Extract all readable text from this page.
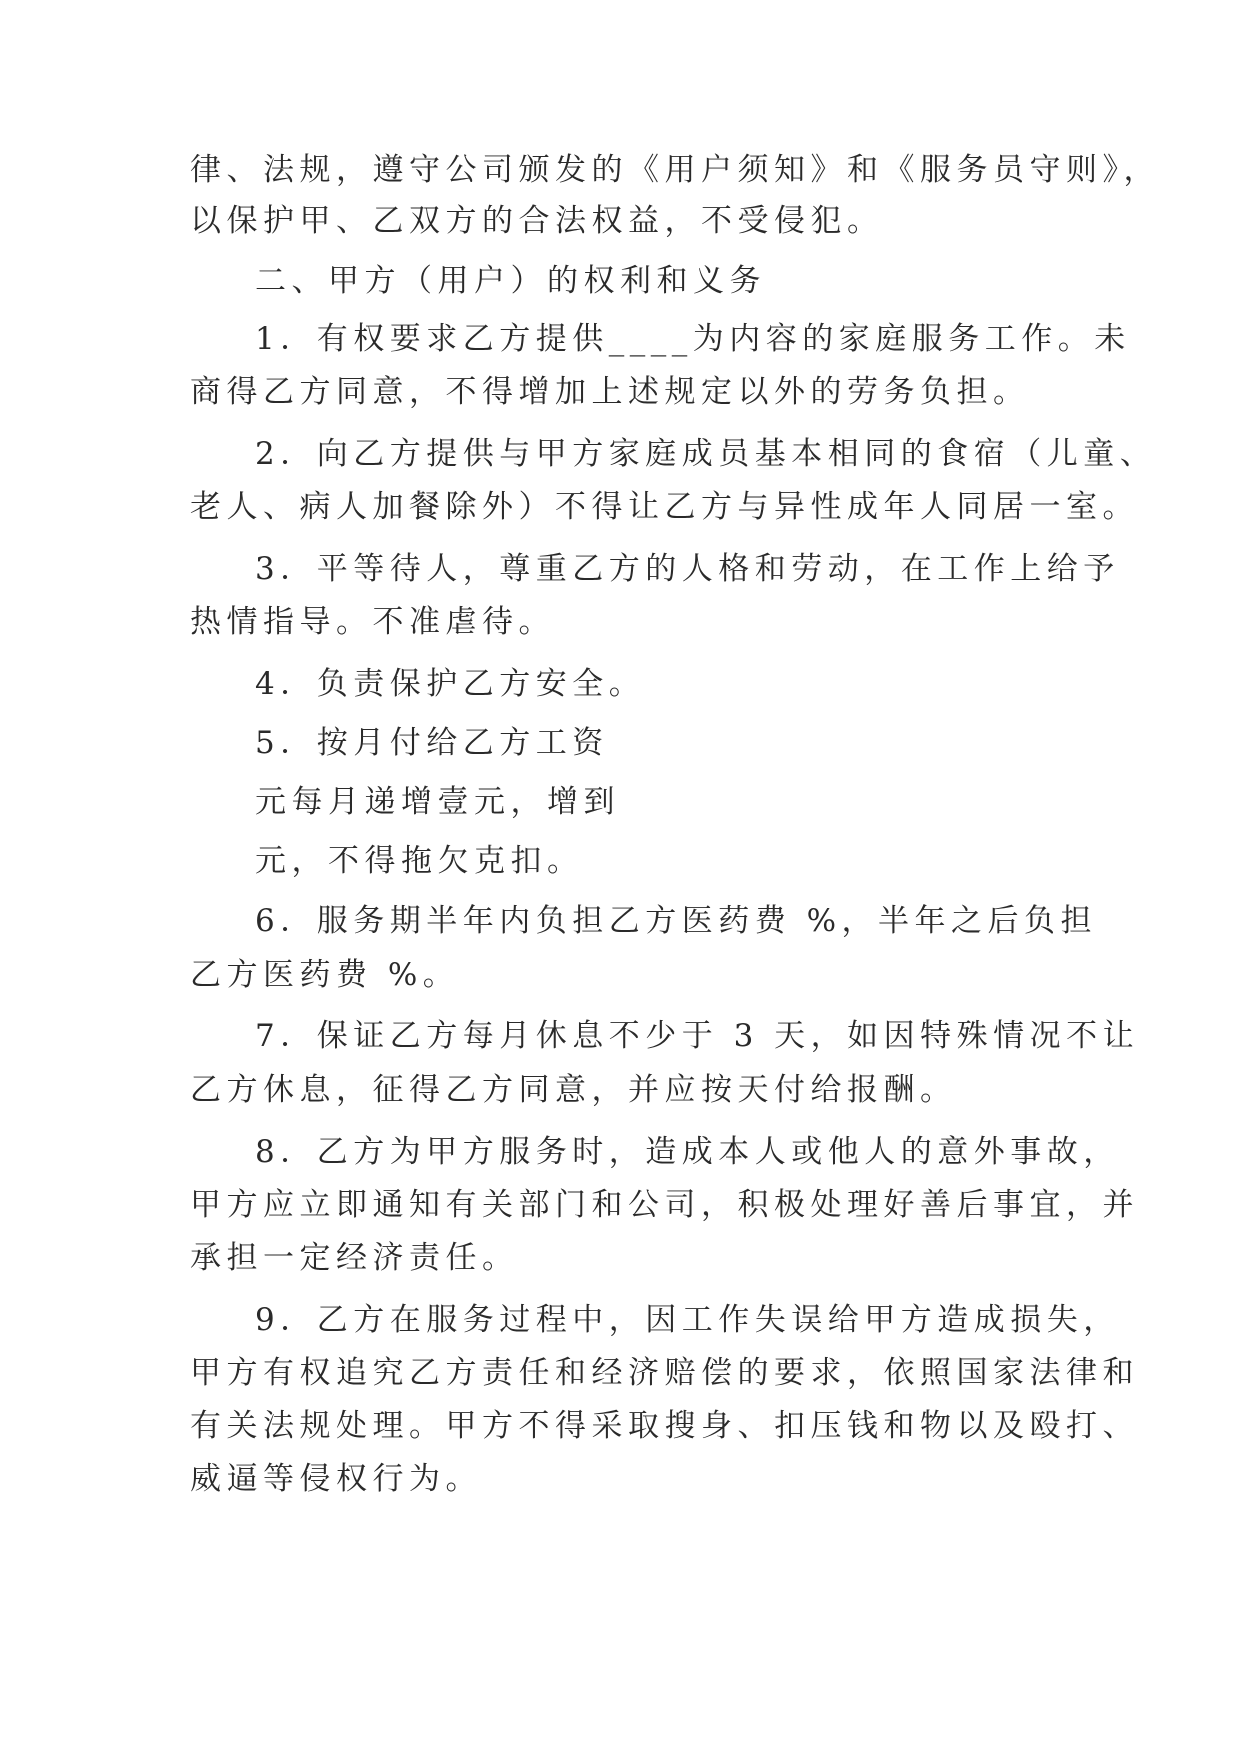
律、法规，遵守公司颁发的《用户须知》和《服务员守则》，
以保护甲、乙双方的合法权益，不受侵犯。
二、甲方（用户）的权利和义务
1．有权要求乙方提供____为内容的家庭服务工作。未
商得乙方同意，不得增加上述规定以外的劳务负担。
2．向乙方提供与甲方家庭成员基本相同的食宿（儿童、
老人、病人加餐除外）不得让乙方与异性成年人同居一室。
3．平等待人，尊重乙方的人格和劳动，在工作上给予
热情指导。不准虐待。
4．负责保护乙方安全。
5．按月付给乙方工资
元每月递增壹元，增到
元，不得拖欠克扣。
6．服务期半年内负担乙方医药费 %，半年之后负担
乙方医药费 %。
7．保证乙方每月休息不少于 3 天，如因特殊情况不让
乙方休息，征得乙方同意，并应按天付给报酬。
8．乙方为甲方服务时，造成本人或他人的意外事故，
甲方应立即通知有关部门和公司，积极处理好善后事宜，并
承担一定经济责任。
9．乙方在服务过程中，因工作失误给甲方造成损失，
甲方有权追究乙方责任和经济赔偿的要求，依照国家法律和
有关法规处理。甲方不得采取搜身、扣压钱和物以及殴打、
威逼等侵权行为。
